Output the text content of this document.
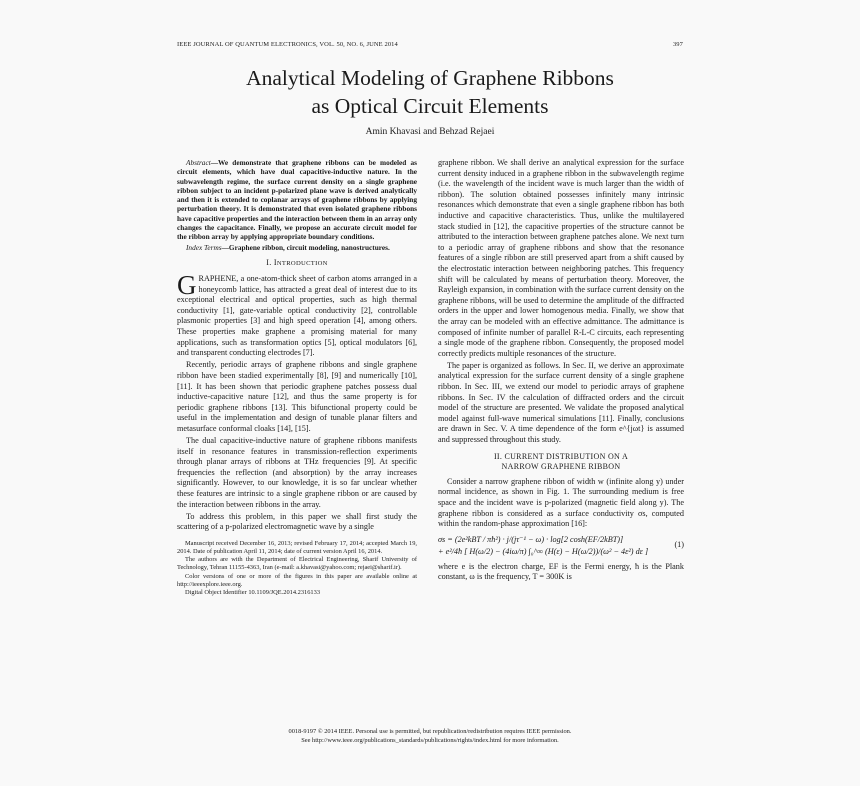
IEEE JOURNAL OF QUANTUM ELECTRONICS, VOL. 50, NO. 6, JUNE 2014	397
Analytical Modeling of Graphene Ribbons
as Optical Circuit Elements
Amin Khavasi and Behzad Rejaei

Abstract—We demonstrate that graphene ribbons can be modeled as circuit elements, which have dual capacitive-inductive nature. In the subwavelength regime, the surface current density on a single graphene ribbon subject to an incident p-polarized plane wave is derived analytically and then it is extended to coplanar arrays of graphene ribbons by applying perturbation theory. It is demonstrated that even isolated graphene ribbons have capacitive properties and the interaction between them in an array only changes the capacitance. Finally, we propose an accurate circuit model for the ribbon array by applying appropriate boundary conditions.

Index Terms—Graphene ribbon, circuit modeling, nanostructures.

I. INTRODUCTION

GRAPHENE, a one-atom-thick sheet of carbon atoms arranged in a honeycomb lattice, has attracted a great deal of interest due to its exceptional electrical and optical properties, such as high thermal conductivity [1], gate-variable optical conductivity [2], controllable plasmonic properties [3] and high speed operation [4], among others. These properties make graphene a promising material for many applications, such as transformation optics [5], optical modulators [6], and transparent conducting electrodes [7].

Recently, periodic arrays of graphene ribbons and single graphene ribbon have been stadied experimentally [8], [9] and numerically [10], [11]. It has been shown that periodic graphene patches possess dual inductive-capacitive nature [12], and thus the same property is for periodic graphene ribbons [13]. This bifunctional property could be useful in the implementation and design of tunable planar filters and metasurface conformal cloaks [14], [15].

The dual capacitive-inductive nature of graphene ribbons manifests itself in resonance features in transmission-reflection experiments through planar arrays of ribbons at THz frequencies [9]. At specific frequencies the reflection (and absorption) by the array increases significantly. However, to our knowledge, it is so far unclear whether these features are intrinsic to a single graphene ribbon or are caused by the interaction between ribbons in the array.

To address this problem, in this paper we shall first study the scattering of a p-polarized electromagnetic wave by a single

Manuscript received December 16, 2013; revised February 17, 2014; accepted March 19, 2014. Date of publication April 11, 2014; date of current version April 16, 2014.

The authors are with the Department of Electrical Engineering, Sharif University of Technology, Tehran 11155-4363, Iran (e-mail: a.khavasi@yahoo.com; rejaei@sharif.ir).

Color versions of one or more of the figures in this paper are available online at http://ieeexplore.ieee.org.

Digital Object Identifier 10.1109/JQE.2014.2316133

graphene ribbon. We shall derive an analytical expression for the surface current density induced in a graphene ribbon in the subwavelength regime (i.e. the wavelength of the incident wave is much larger than the width of ribbon). The solution obtained possesses infinitely many intrinsic resonances which demonstrate that even a single graphene ribbon has both inductive and capacitive characteristics. Thus, unlike the multilayered stack studied in [12], the capacitive properties of the structure cannot be attributed to the interaction between graphene patches alone. We next turn to a periodic array of graphene ribbons and show that the resonance features of a single ribbon are still preserved apart from a shift caused by the electrostatic interaction between neighboring patches. This frequency shift will be calculated by means of perturbation theory. Moreover, the Rayleigh expansion, in combination with the surface current density on the graphene ribbons, will be used to determine the amplitude of the diffracted orders in the upper and lower homogenous media. Finally, we show that the array can be modeled with an effective admittance. The admittance is composed of infinite number of parallel R-L-C circuits, each representing a single mode of the graphene ribbon. Consequently, the proposed model correctly predicts multiple resonances of the structure.

The paper is organized as follows. In Sec. II, we derive an approximate analytical expression for the surface current density of a single graphene ribbon. In Sec. III, we extend our model to periodic arrays of graphene ribbons. In Sec. IV the calculation of diffracted orders and the circuit model of the structure are presented. We validate the proposed analytical model against full-wave numerical simulations [11]. Finally, conclusions are drawn in Sec. V. A time dependence of the form e^{jωt} is assumed and suppressed throughout this study.

II. CURRENT DISTRIBUTION ON A
NARROW GRAPHENE RIBBON

Consider a narrow graphene ribbon of width w (infinite along y) under normal incidence, as shown in Fig. 1. The surrounding medium is free space and the incident wave is p-polarized (magnetic field along y). The graphene ribbon is considered as a surface conductivity σs, computed within the random-phase approximation [16]:

σs = (2e²kBT / πħ²) · j/(jτ⁻¹ − ω) · log[2 cosh(EF/2kBT)]
+ e²/4ħ [ H(ω/2) − (4iω/π) ∫₀^∞ (H(ε) − H(ω/2))/(ω² − 4ε²) dε ]
(1)

where e is the electron charge, EF is the Fermi energy, ħ is the Plank constant, ω is the frequency, T = 300K is

0018-9197 © 2014 IEEE. Personal use is permitted, but republication/redistribution requires IEEE permission.
See http://www.ieee.org/publications_standards/publications/rights/index.html for more information.
